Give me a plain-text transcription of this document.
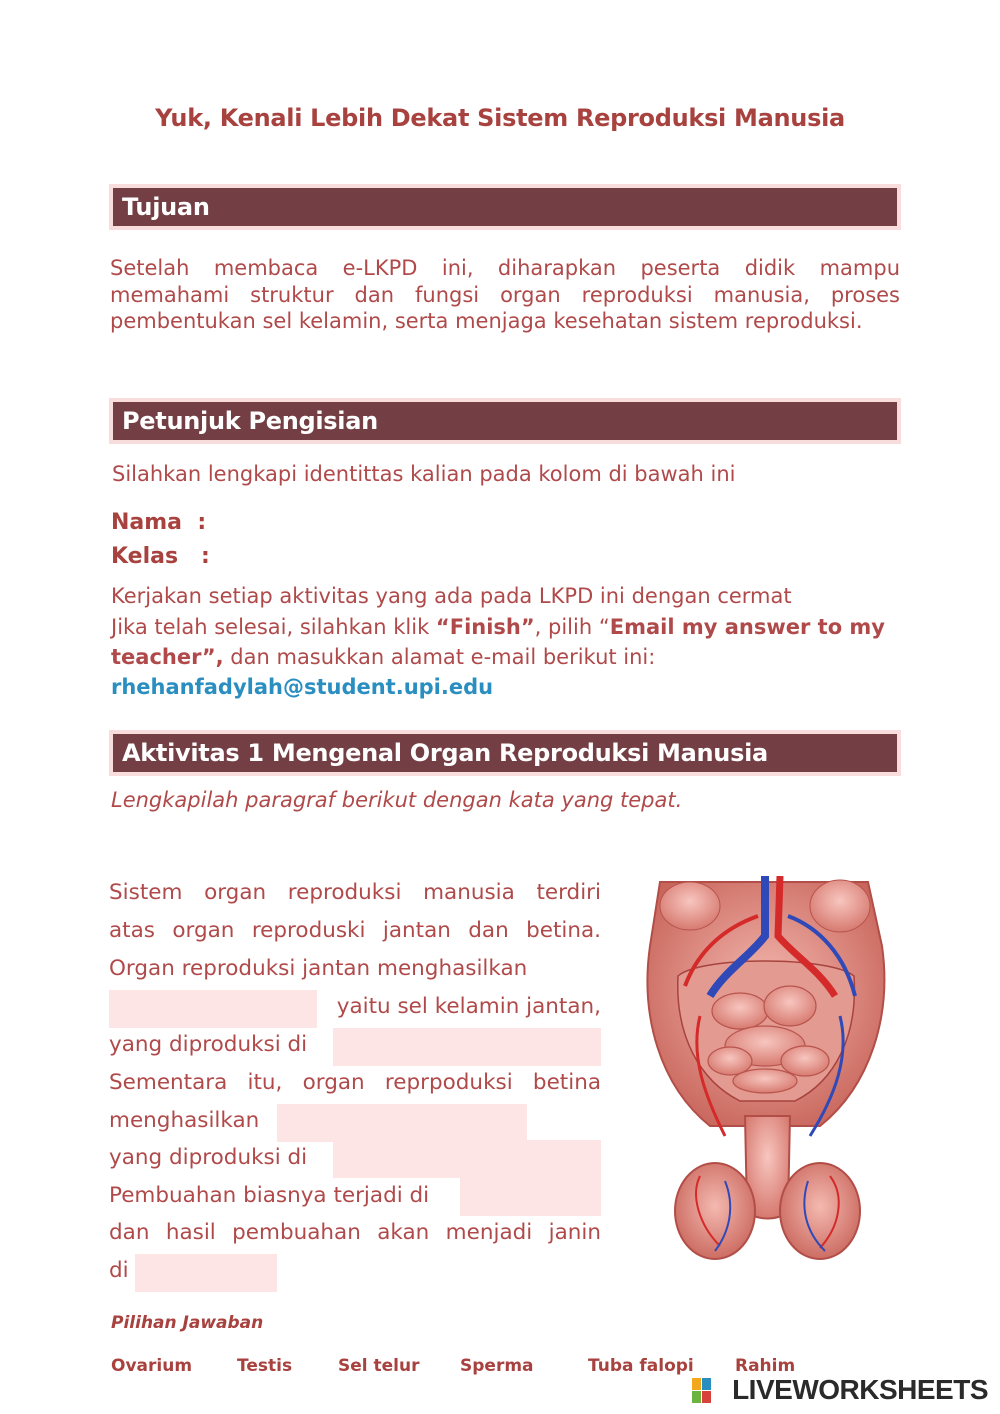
Yuk, Kenali Lebih Dekat Sistem Reproduksi Manusia
Tujuan
Setelah membaca e-LKPD ini, diharapkan peserta didik mampu memahami struktur dan fungsi organ reproduksi manusia, proses pembentukan sel kelamin, serta menjaga kesehatan sistem reproduksi.
Petunjuk Pengisian
Silahkan lengkapi identittas kalian pada kolom di bawah ini
Nama  :
Kelas   :
Kerjakan setiap aktivitas yang ada pada LKPD ini dengan cermat
Jika telah selesai, silahkan klik “Finish”, pilih “Email my answer to my
teacher”, dan masukkan alamat e-mail berikut ini:
rhehanfadylah@student.upi.edu
Aktivitas 1 Mengenal Organ Reproduksi Manusia
Lengkapilah paragraf berikut dengan kata yang tepat.
Sistem organ reproduksi manusia terdiri
atas organ reproduski jantan dan betina.
Organ reproduksi jantan menghasilkan
yaitu sel kelamin jantan,
yang diproduksi di
Sementara itu, organ reprpoduksi betina
menghasilkan
yang diproduksi di
Pembuahan biasnya terjadi di
dan hasil pembuahan akan menjadi janin
di
Pilihan Jawaban
Ovarium	Testis	Sel telur Sperma	Tuba falopi Rahim
LIVEWORKSHEETS
